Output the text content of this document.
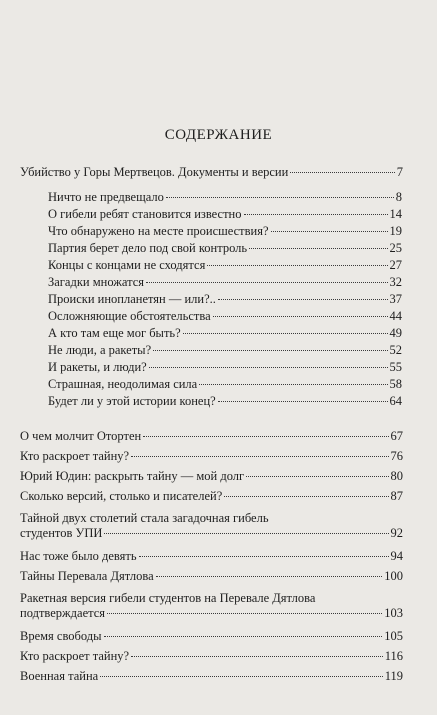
СОДЕРЖАНИЕ
Убийство у Горы Мертвецов. Документы и версии	7
Ничто не предвещало	8
О гибели ребят становится известно	14
Что обнаружено на месте происшествия?	19
Партия берет дело под свой контроль	25
Концы с концами не сходятся	27
Загадки множатся	32
Происки инопланетян — или?..	37
Осложняющие обстоятельства	44
А кто там еще мог быть?	49
Не люди, а ракеты?	52
И ракеты, и люди?	55
Страшная, неодолимая сила	58
Будет ли у этой истории конец?	64
О чем молчит Отортен	67
Кто раскроет тайну?	76
Юрий Юдин: раскрыть тайну — мой долг	80
Сколько версий, столько и писателей?	87
Тайной двух столетий стала загадочная гибель
студентов УПИ	92
Нас тоже было девять	94
Тайны Перевала Дятлова	100
Ракетная версия гибели студентов на Перевале Дятлова
подтверждается	103
Время свободы	105
Кто раскроет тайну?	116
Военная тайна	119
